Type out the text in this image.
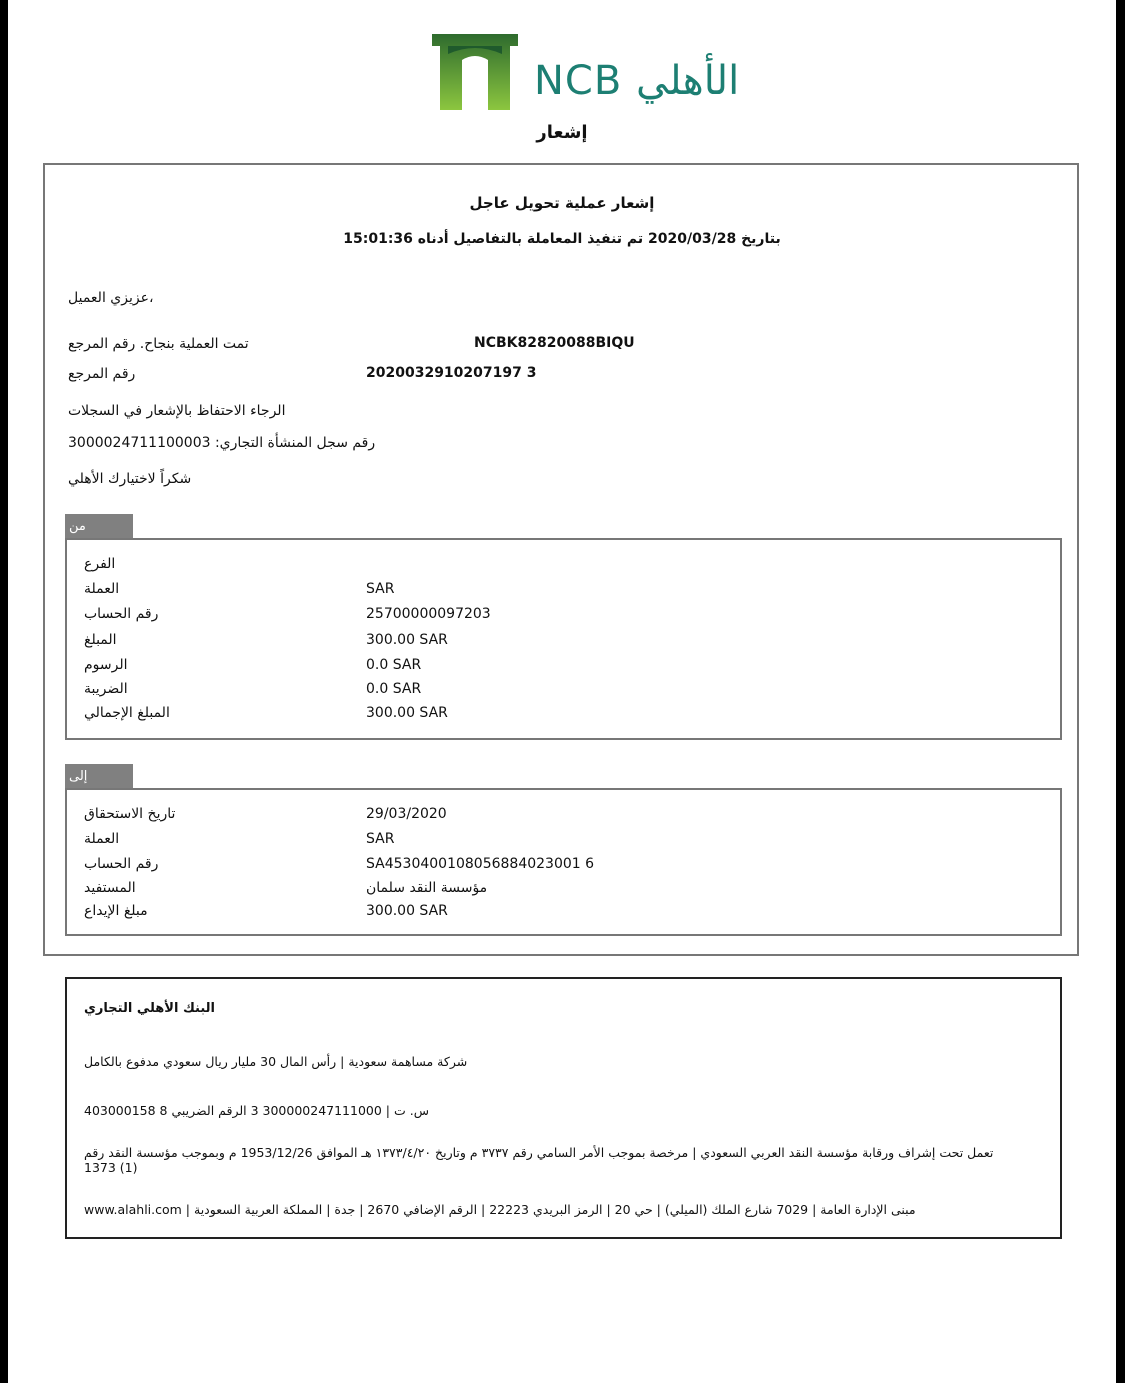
NCB الأهلي
إشعار
إشعار عملية تحويل عاجل
15:01:36 بتاريخ 2020/03/28 تم تنفيذ المعاملة بالتفاصيل أدناه
عزيزي العميل،
تمت العملية بنجاح. رقم المرجع	NCBK82820088BIQU
رقم المرجع	2020032910207197 3
الرجاء الاحتفاظ بالإشعار في السجلات
رقم سجل المنشأة التجاري: 3000024711100003
شكراً لاختيارك الأهلي
من
الفرع
العملة	SAR
رقم الحساب	25700000097203
المبلغ	300.00 SAR
الرسوم	0.0 SAR
الضريبة	0.0 SAR
المبلغ الإجمالي	300.00 SAR
إلى
تاريخ الاستحقاق	29/03/2020
العملة	SAR
رقم الحساب	SA4530400108056884023001 6
المستفيد	مؤسسة النقد سلمان
مبلغ الإيداع	300.00 SAR
البنك الأهلي التجاري
شركة مساهمة سعودية | رأس المال 30 مليار ريال سعودي مدفوع بالكامل
403000158 8 س. ت | 300000247111000 3 الرقم الضريبي
تعمل تحت إشراف ورقابة مؤسسة النقد العربي السعودي | مرخصة بموجب الأمر السامي رقم ٣٧٣٧ م وتاريخ ١٣٧٣/٤/٢٠ هـ الموافق 1953/12/26 م وبموجب مؤسسة النقد رقم
1373 (1)
www.alahli.com | مبنى الإدارة العامة | 7029 شارع الملك (الميلي) | حي 20 | الرمز البريدي 22223 | الرقم الإضافي 2670 | جدة | المملكة العربية السعودية
